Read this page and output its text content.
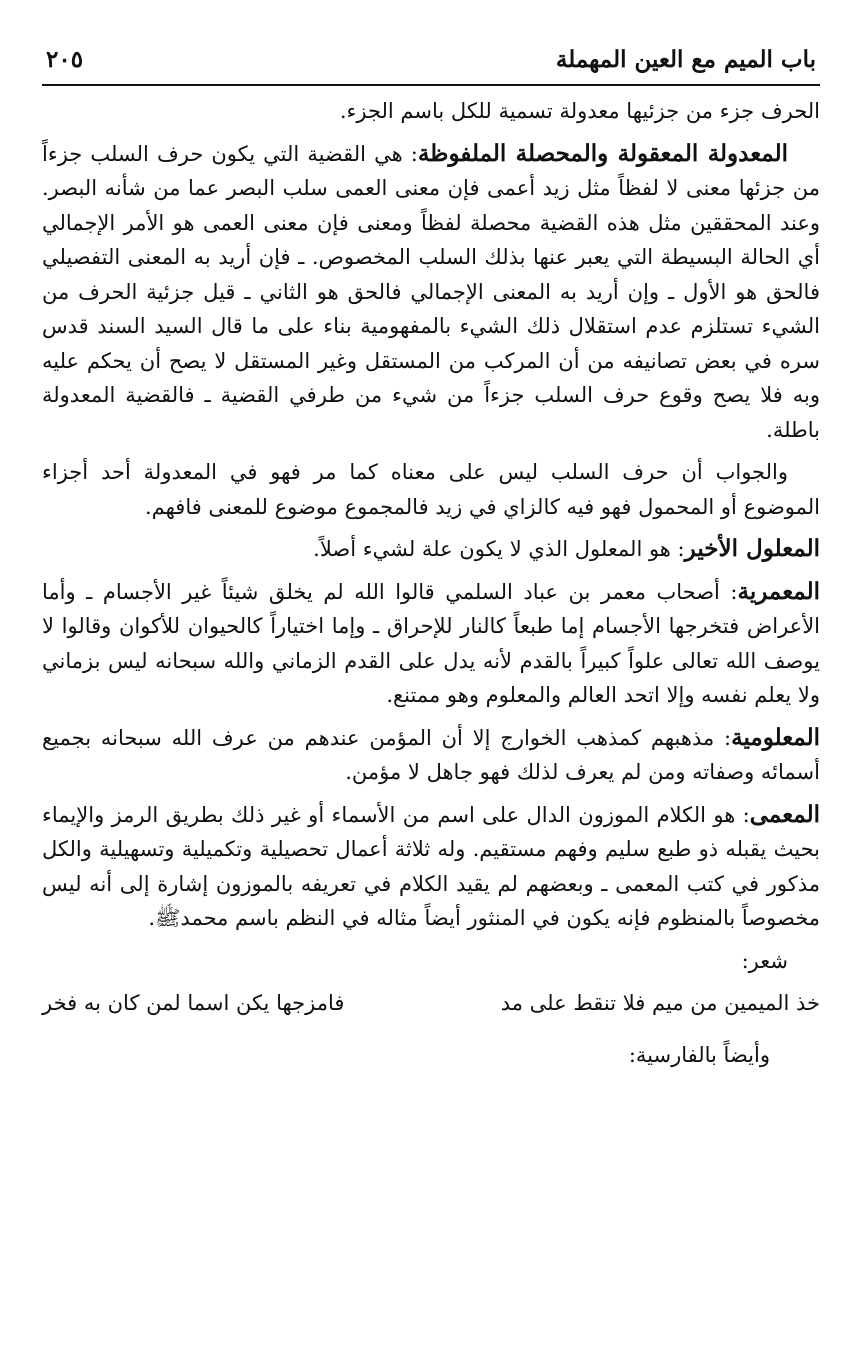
باب الميم مع العين المهملة
٢٠٥

الحرف جزء من جزئيها معدولة تسمية للكل باسم الجزء.

المعدولة المعقولة والمحصلة الملفوظة: هي القضية التي يكون حرف السلب جزءاً من جزئها معنى لا لفظاً مثل زيد أعمى فإن معنى العمى سلب البصر عما من شأنه البصر. وعند المحققين مثل هذه القضية محصلة لفظاً ومعنى فإن معنى العمى هو الأمر الإجمالي أي الحالة البسيطة التي يعبر عنها بذلك السلب المخصوص. ـ فإن أريد به المعنى التفصيلي فالحق هو الأول ـ وإن أريد به المعنى الإجمالي فالحق هو الثاني ـ قيل جزئية الحرف من الشيء تستلزم عدم استقلال ذلك الشيء بالمفهومية بناء على ما قال السيد السند قدس سره في بعض تصانيفه من أن المركب من المستقل وغير المستقل لا يصح أن يحكم عليه وبه فلا يصح وقوع حرف السلب جزءاً من شيء من طرفي القضية ـ فالقضية المعدولة باطلة.

والجواب أن حرف السلب ليس على معناه كما مر فهو في المعدولة أحد أجزاء الموضوع أو المحمول فهو فيه كالزاي في زيد فالمجموع موضوع للمعنى فافهم.

المعلول الأخير: هو المعلول الذي لا يكون علة لشيء أصلاً.

المعمرية: أصحاب معمر بن عباد السلمي قالوا الله لم يخلق شيئاً غير الأجسام ـ وأما الأعراض فتخرجها الأجسام إما طبعاً كالنار للإحراق ـ وإما اختياراً كالحيوان للأكوان وقالوا لا يوصف الله تعالى علواً كبيراً بالقدم لأنه يدل على القدم الزماني والله سبحانه ليس بزماني ولا يعلم نفسه وإلا اتحد العالم والمعلوم وهو ممتنع.

المعلومية: مذهبهم كمذهب الخوارج إلا أن المؤمن عندهم من عرف الله سبحانه بجميع أسمائه وصفاته ومن لم يعرف لذلك فهو جاهل لا مؤمن.

المعمى: هو الكلام الموزون الدال على اسم من الأسماء أو غير ذلك بطريق الرمز والإيماء بحيث يقبله ذو طبع سليم وفهم مستقيم. وله ثلاثة أعمال تحصيلية وتكميلية وتسهيلية والكل مذكور في كتب المعمى ـ وبعضهم لم يقيد الكلام في تعريفه بالموزون إشارة إلى أنه ليس مخصوصاً بالمنظوم فإنه يكون في المنثور أيضاً مثاله في النظم باسم محمدﷺ.

شعر:
خذ الميمين من ميم فلا تنقط على مد
فامزجها يكن اسما لمن كان به فخر
وأيضاً بالفارسية:
